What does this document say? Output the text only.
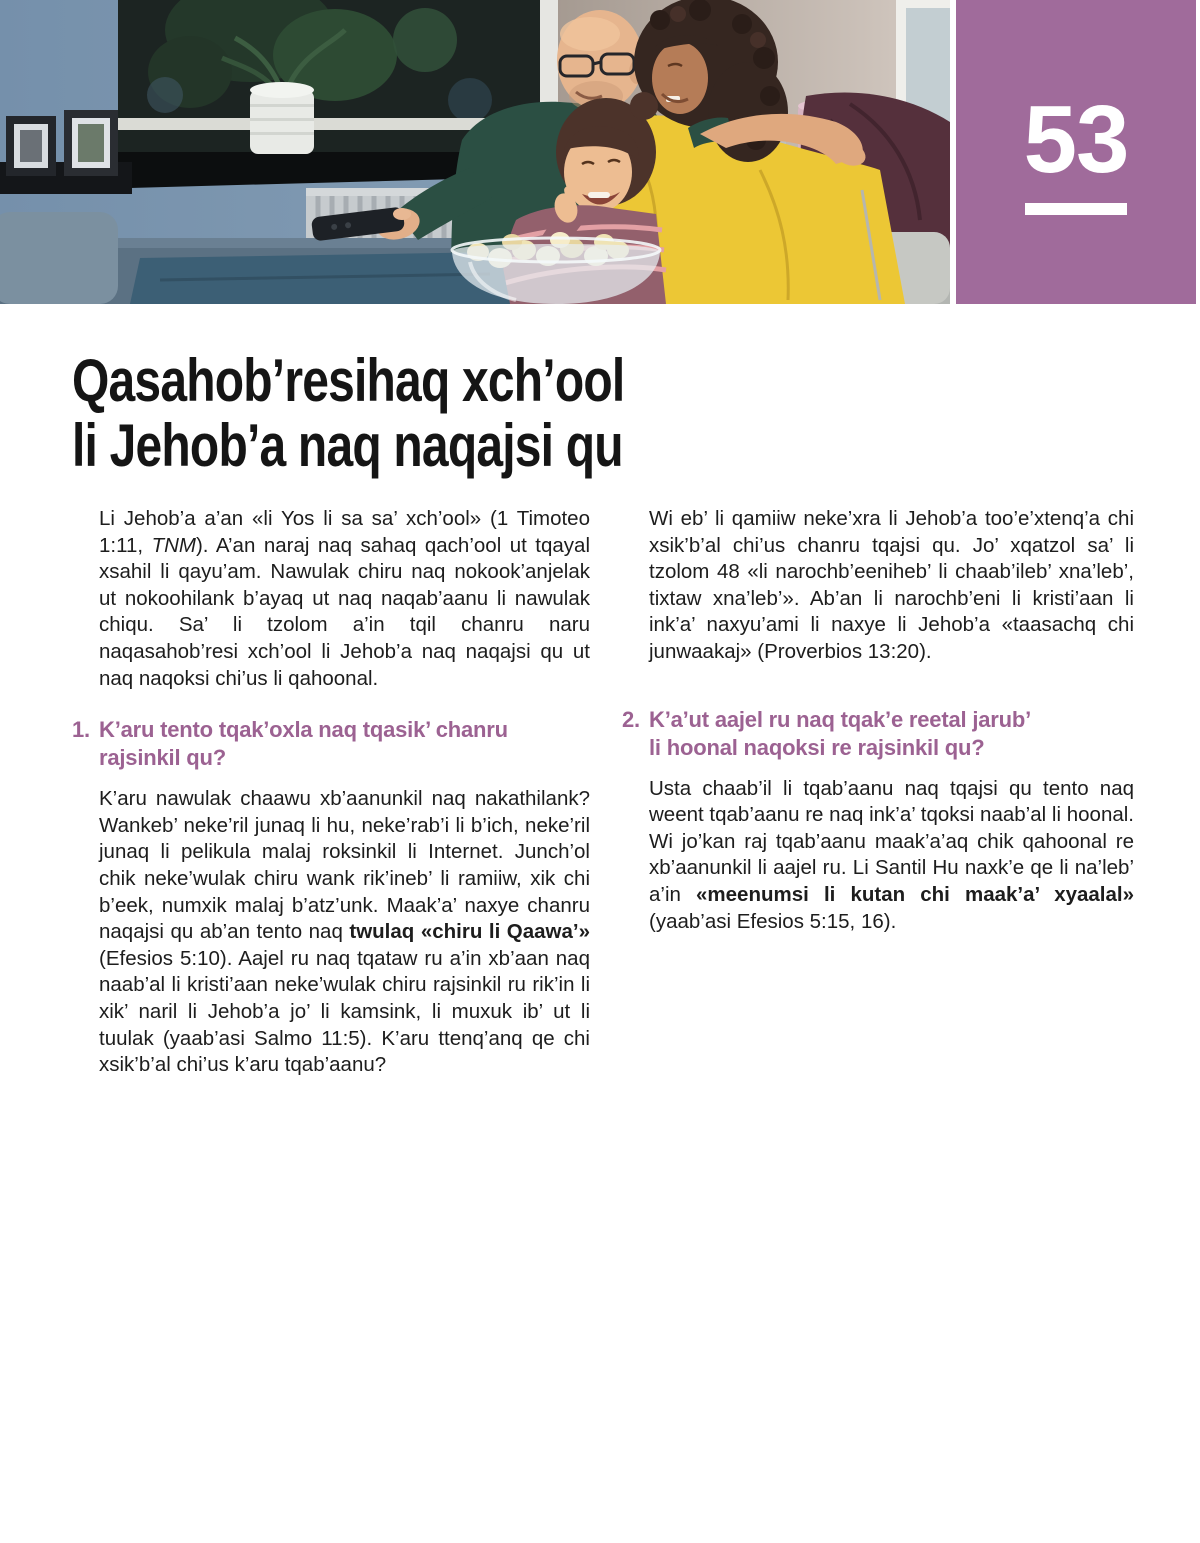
53
Qasahob’resihaq xch’ool
li Jehob’a naq naqajsi qu

Li Jehob’a a’an «li Yos li sa sa’ xch’ool» (1 Timoteo 1:11, TNM). A’an naraj naq sahaq qach’ool ut tqayal xsahil li qayu’am. Nawulak chiru naq nokook’anjelak ut nokoohilank b’ayaq ut naq naqab’aanu li nawulak chiqu. Sa’ li tzolom a’in tqil chanru naru naqasahob’resi xch’ool li Jehob’a naq naqajsi qu ut naq naqoksi chi’us li qahoonal.

1. K’aru tento tqak’oxla naq tqasik’ chanru
rajsinkil qu?

K’aru nawulak chaawu xb’aanunkil naq nakathilank? Wankeb’ neke’ril junaq li hu, neke’rab’i li b’ich, neke’ril junaq li pelikula malaj roksinkil li Internet. Junch’ol chik neke’wulak chiru wank rik’ineb’ li ramiiw, xik chi b’eek, numxik malaj b’atz’unk. Maak’a’ naxye chanru naqajsi qu ab’an tento naq twulaq «chiru li Qaawa’» (Efesios 5:10). Aajel ru naq tqataw ru a’in xb’aan naq naab’al li kristi’aan neke’wulak chiru rajsinkil ru rik’in li xik’ naril li Jehob’a jo’ li kamsink, li muxuk ib’ ut li tuulak (yaab’asi Salmo 11:5). K’aru ttenq’anq qe chi xsik’b’al chi’us k’aru tqab’aanu?

Wi eb’ li qamiiw neke’xra li Jehob’a too’e’xtenq’a chi xsik’b’al chi’us chanru tqajsi qu. Jo’ xqatzol sa’ li tzolom 48 «li narochb’eeniheb’ li chaab’ileb’ xna’leb’, tixtaw xna’leb’». Ab’an li narochb’eni li kristi’aan li ink’a’ naxyu’ami li naxye li Jehob’a «taasachq chi junwaakaj» (Proverbios 13:20).

2. K’a’ut aajel ru naq tqak’e reetal jarub’
li hoonal naqoksi re rajsinkil qu?

Usta chaab’il li tqab’aanu naq tqajsi qu tento naq weent tqab’aanu re naq ink’a’ tqoksi naab’al li hoonal. Wi jo’kan raj tqab’aanu maak’a’aq chik qahoonal re xb’aanunkil li aajel ru. Li Santil Hu naxk’e qe li na’leb’ a’in «meenumsi li kutan chi maak’a’ xyaalal» (yaab’asi Efesios 5:15, 16).
